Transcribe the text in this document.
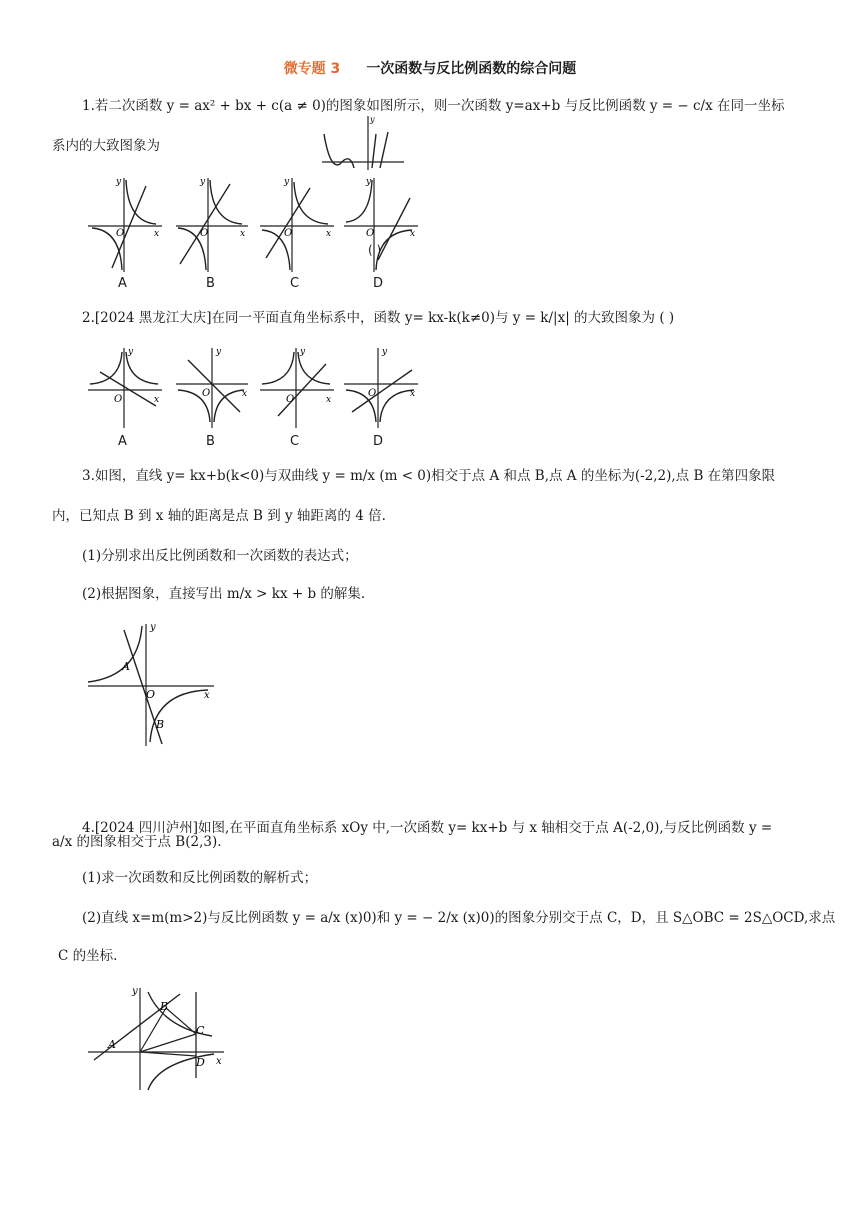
微专题 3 一次函数与反比例函数的综合问题
1.若二次函数 y = ax² + bx + c(a ≠ 0)的图象如图所示，则一次函数 y=ax+b 与反比例函数 y = − c/x 在同一坐标
系内的大致图象为
y
O	x
y
O	x
y
O	x
y
O	x
y
( )
A	B	C	D
2.[2024 黑龙江大庆]在同一平面直角坐标系中，函数 y= kx-k(k≠0)与 y = k/|x| 的大致图象为 ( )
O	x
y
O	x
y
O	x
y
O	x
y
A	B	C	D
3.如图，直线 y= kx+b(k<0)与双曲线 y = m/x (m < 0)相交于点 A 和点 B,点 A 的坐标为(-2,2),点 B 在第四象限
内，已知点 B 到 x 轴的距离是点 B 到 y 轴距离的 4 倍.
(1)分别求出反比例函数和一次函数的表达式；
(2)根据图象，直接写出 m/x > kx + b 的解集.
A
B
O	x
y
4.[2024 四川泸州]如图,在平面直角坐标系 xOy 中,一次函数 y= kx+b 与 x 轴相交于点 A(-2,0),与反比例函数 y =
a/x 的图象相交于点 B(2,3).
(1)求一次函数和反比例函数的解析式；
(2)直线 x=m(m>2)与反比例函数 y = a/x (x)0)和 y = − 2/x (x)0)的图象分别交于点 C，D，且 S△OBC = 2S△OCD,求点
C 的坐标.
A
B
C
D x
y
